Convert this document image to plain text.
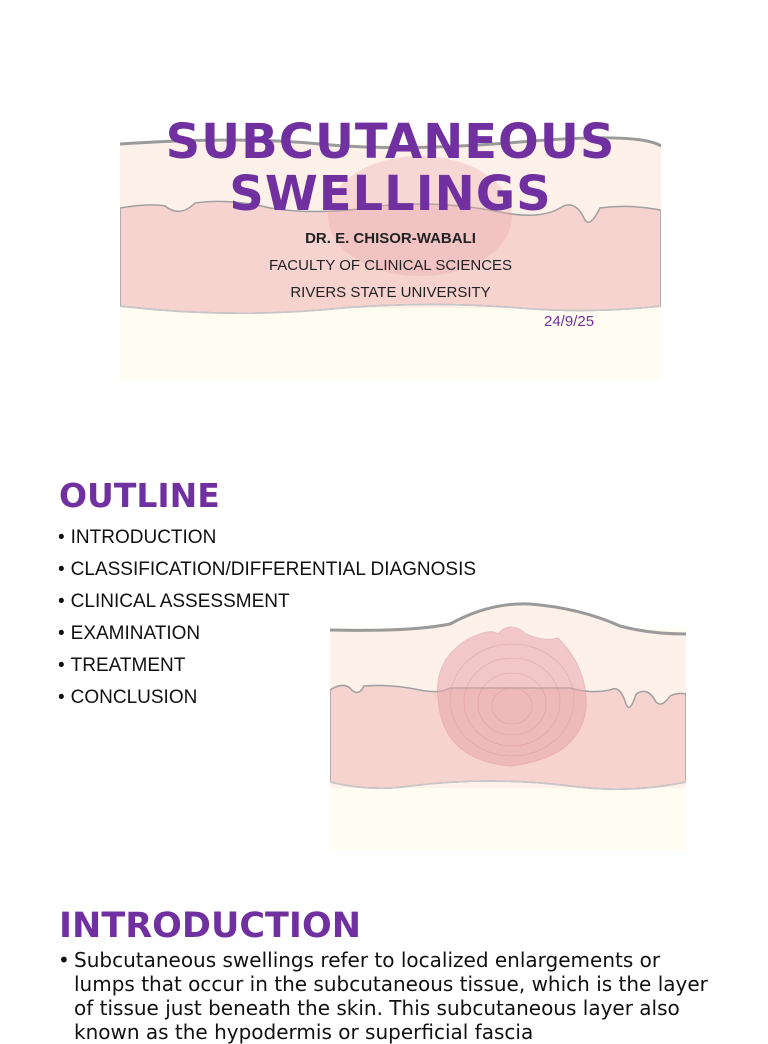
SUBCUTANEOUS
SWELLINGS
DR. E. CHISOR-WABALI
FACULTY OF CLINICAL SCIENCES
RIVERS STATE UNIVERSITY
24/9/25
OUTLINE
• INTRODUCTION
• CLASSIFICATION/DIFFERENTIAL DIAGNOSIS
• CLINICAL ASSESSMENT
• EXAMINATION
• TREATMENT
• CONCLUSION
INTRODUCTION
• Subcutaneous swellings refer to localized enlargements or lumps that occur in the subcutaneous tissue, which is the layer of tissue just beneath the skin. This subcutaneous layer also known as the hypodermis or superficial fascia
